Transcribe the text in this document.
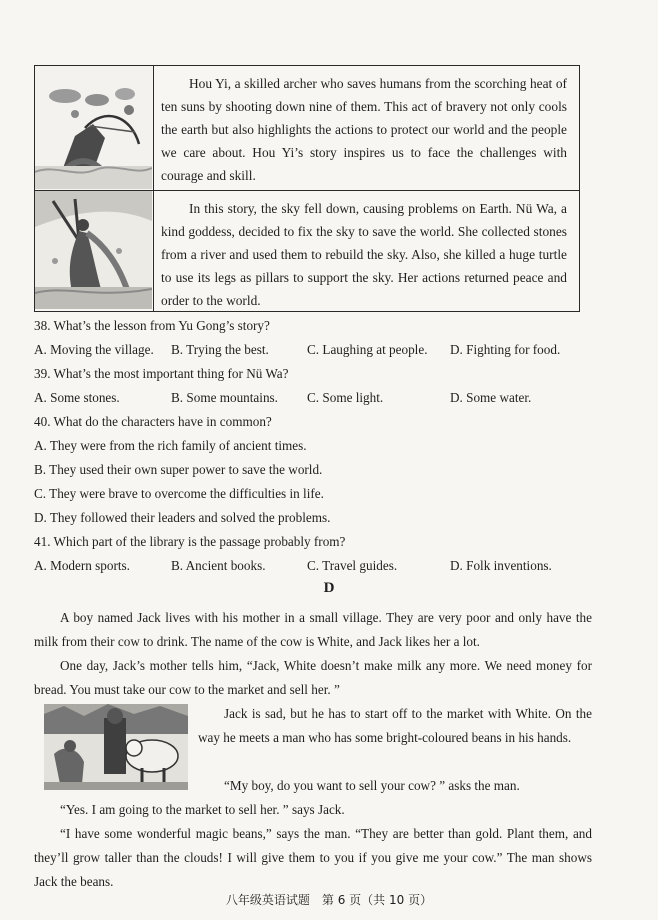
Hou Yi, a skilled archer who saves humans from the scorching heat of ten suns by shooting down nine of them. This act of bravery not only cools the earth but also highlights the actions to protect our world and the people we care about. Hou Yi’s story inspires us to face the challenges with courage and skill.

In this story, the sky fell down, causing problems on Earth. Nü Wa, a kind goddess, decided to fix the sky to save the world. She collected stones from a river and used them to rebuild the sky. Also, she killed a huge turtle to use its legs as pillars to support the sky. Her actions returned peace and order to the world.

38. What’s the lesson from Yu Gong’s story?
A. Moving the village. B. Trying the best.	C. Laughing at people. D. Fighting for food.
39. What’s the most important thing for Nü Wa?
A. Some stones.	B. Some mountains. C. Some light.	D. Some water.
40. What do the characters have in common?
A. They were from the rich family of ancient times.
B. They used their own super power to save the world.
C. They were brave to overcome the difficulties in life.
D. They followed their leaders and solved the problems.
41. Which part of the library is the passage probably from?
A. Modern sports.	B. Ancient books.	C. Travel guides.	D. Folk inventions.
D

A boy named Jack lives with his mother in a small village. They are very poor and only have the milk from their cow to drink. The name of the cow is White, and Jack likes her a lot.

One day, Jack’s mother tells him, “Jack, White doesn’t make milk any more. We need money for bread. You must take our cow to the market and sell her. ”

Jack is sad, but he has to start off to the market with White. On the way he meets a man who has some bright-coloured beans in his hands.

“My boy, do you want to sell your cow? ” asks the man.

“Yes. I am going to the market to sell her. ” says Jack.

“I have some wonderful magic beans,” says the man. “They are better than gold. Plant them, and they’ll grow taller than the clouds! I will give them to you if you give me your cow.” The man shows Jack the beans.

八年级英语试题　第 6 页（共 10 页）
